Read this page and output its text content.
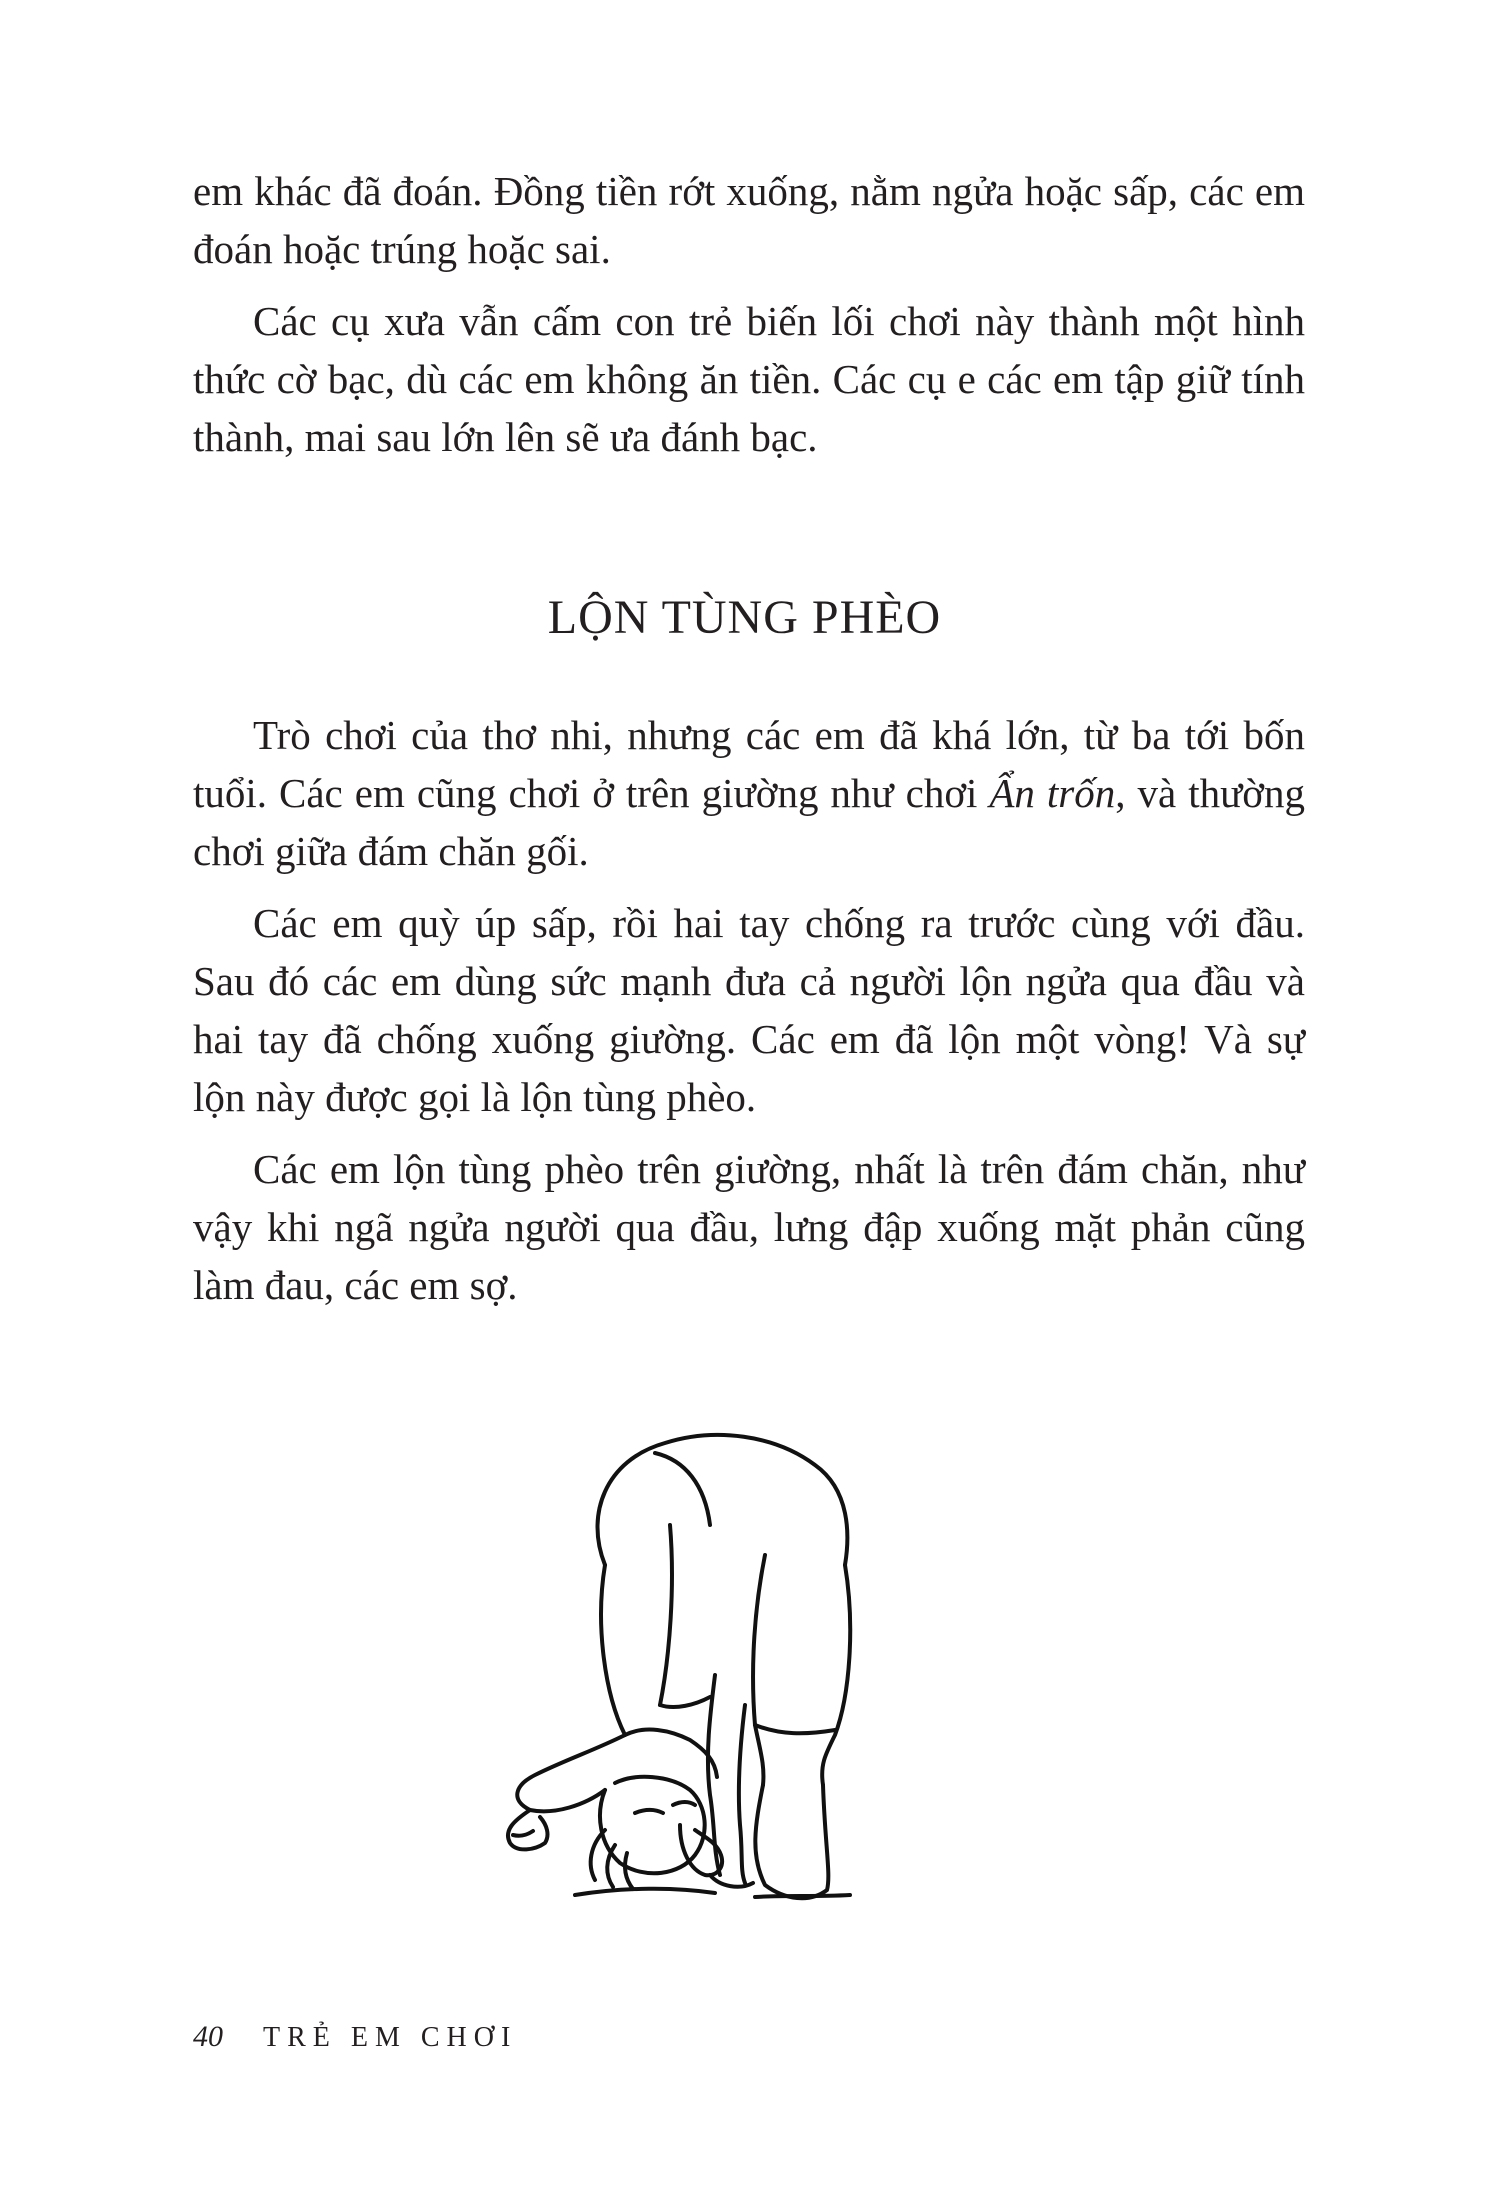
em khác đã đoán. Đồng tiền rớt xuống, nằm ngửa hoặc sấp, các em đoán hoặc trúng hoặc sai.

Các cụ xưa vẫn cấm con trẻ biến lối chơi này thành một hình thức cờ bạc, dù các em không ăn tiền. Các cụ e các em tập giữ tính thành, mai sau lớn lên sẽ ưa đánh bạc.

LỘN TÙNG PHÈO

Trò chơi của thơ nhi, nhưng các em đã khá lớn, từ ba tới bốn tuổi. Các em cũng chơi ở trên giường như chơi Ẩn trốn, và thường chơi giữa đám chăn gối.

Các em quỳ úp sấp, rồi hai tay chống ra trước cùng với đầu. Sau đó các em dùng sức mạnh đưa cả người lộn ngửa qua đầu và hai tay đã chống xuống giường. Các em đã lộn một vòng! Và sự lộn này được gọi là lộn tùng phèo.

Các em lộn tùng phèo trên giường, nhất là trên đám chăn, như vậy khi ngã ngửa người qua đầu, lưng đập xuống mặt phản cũng làm đau, các em sợ.

40 TRẺ EM CHƠI
